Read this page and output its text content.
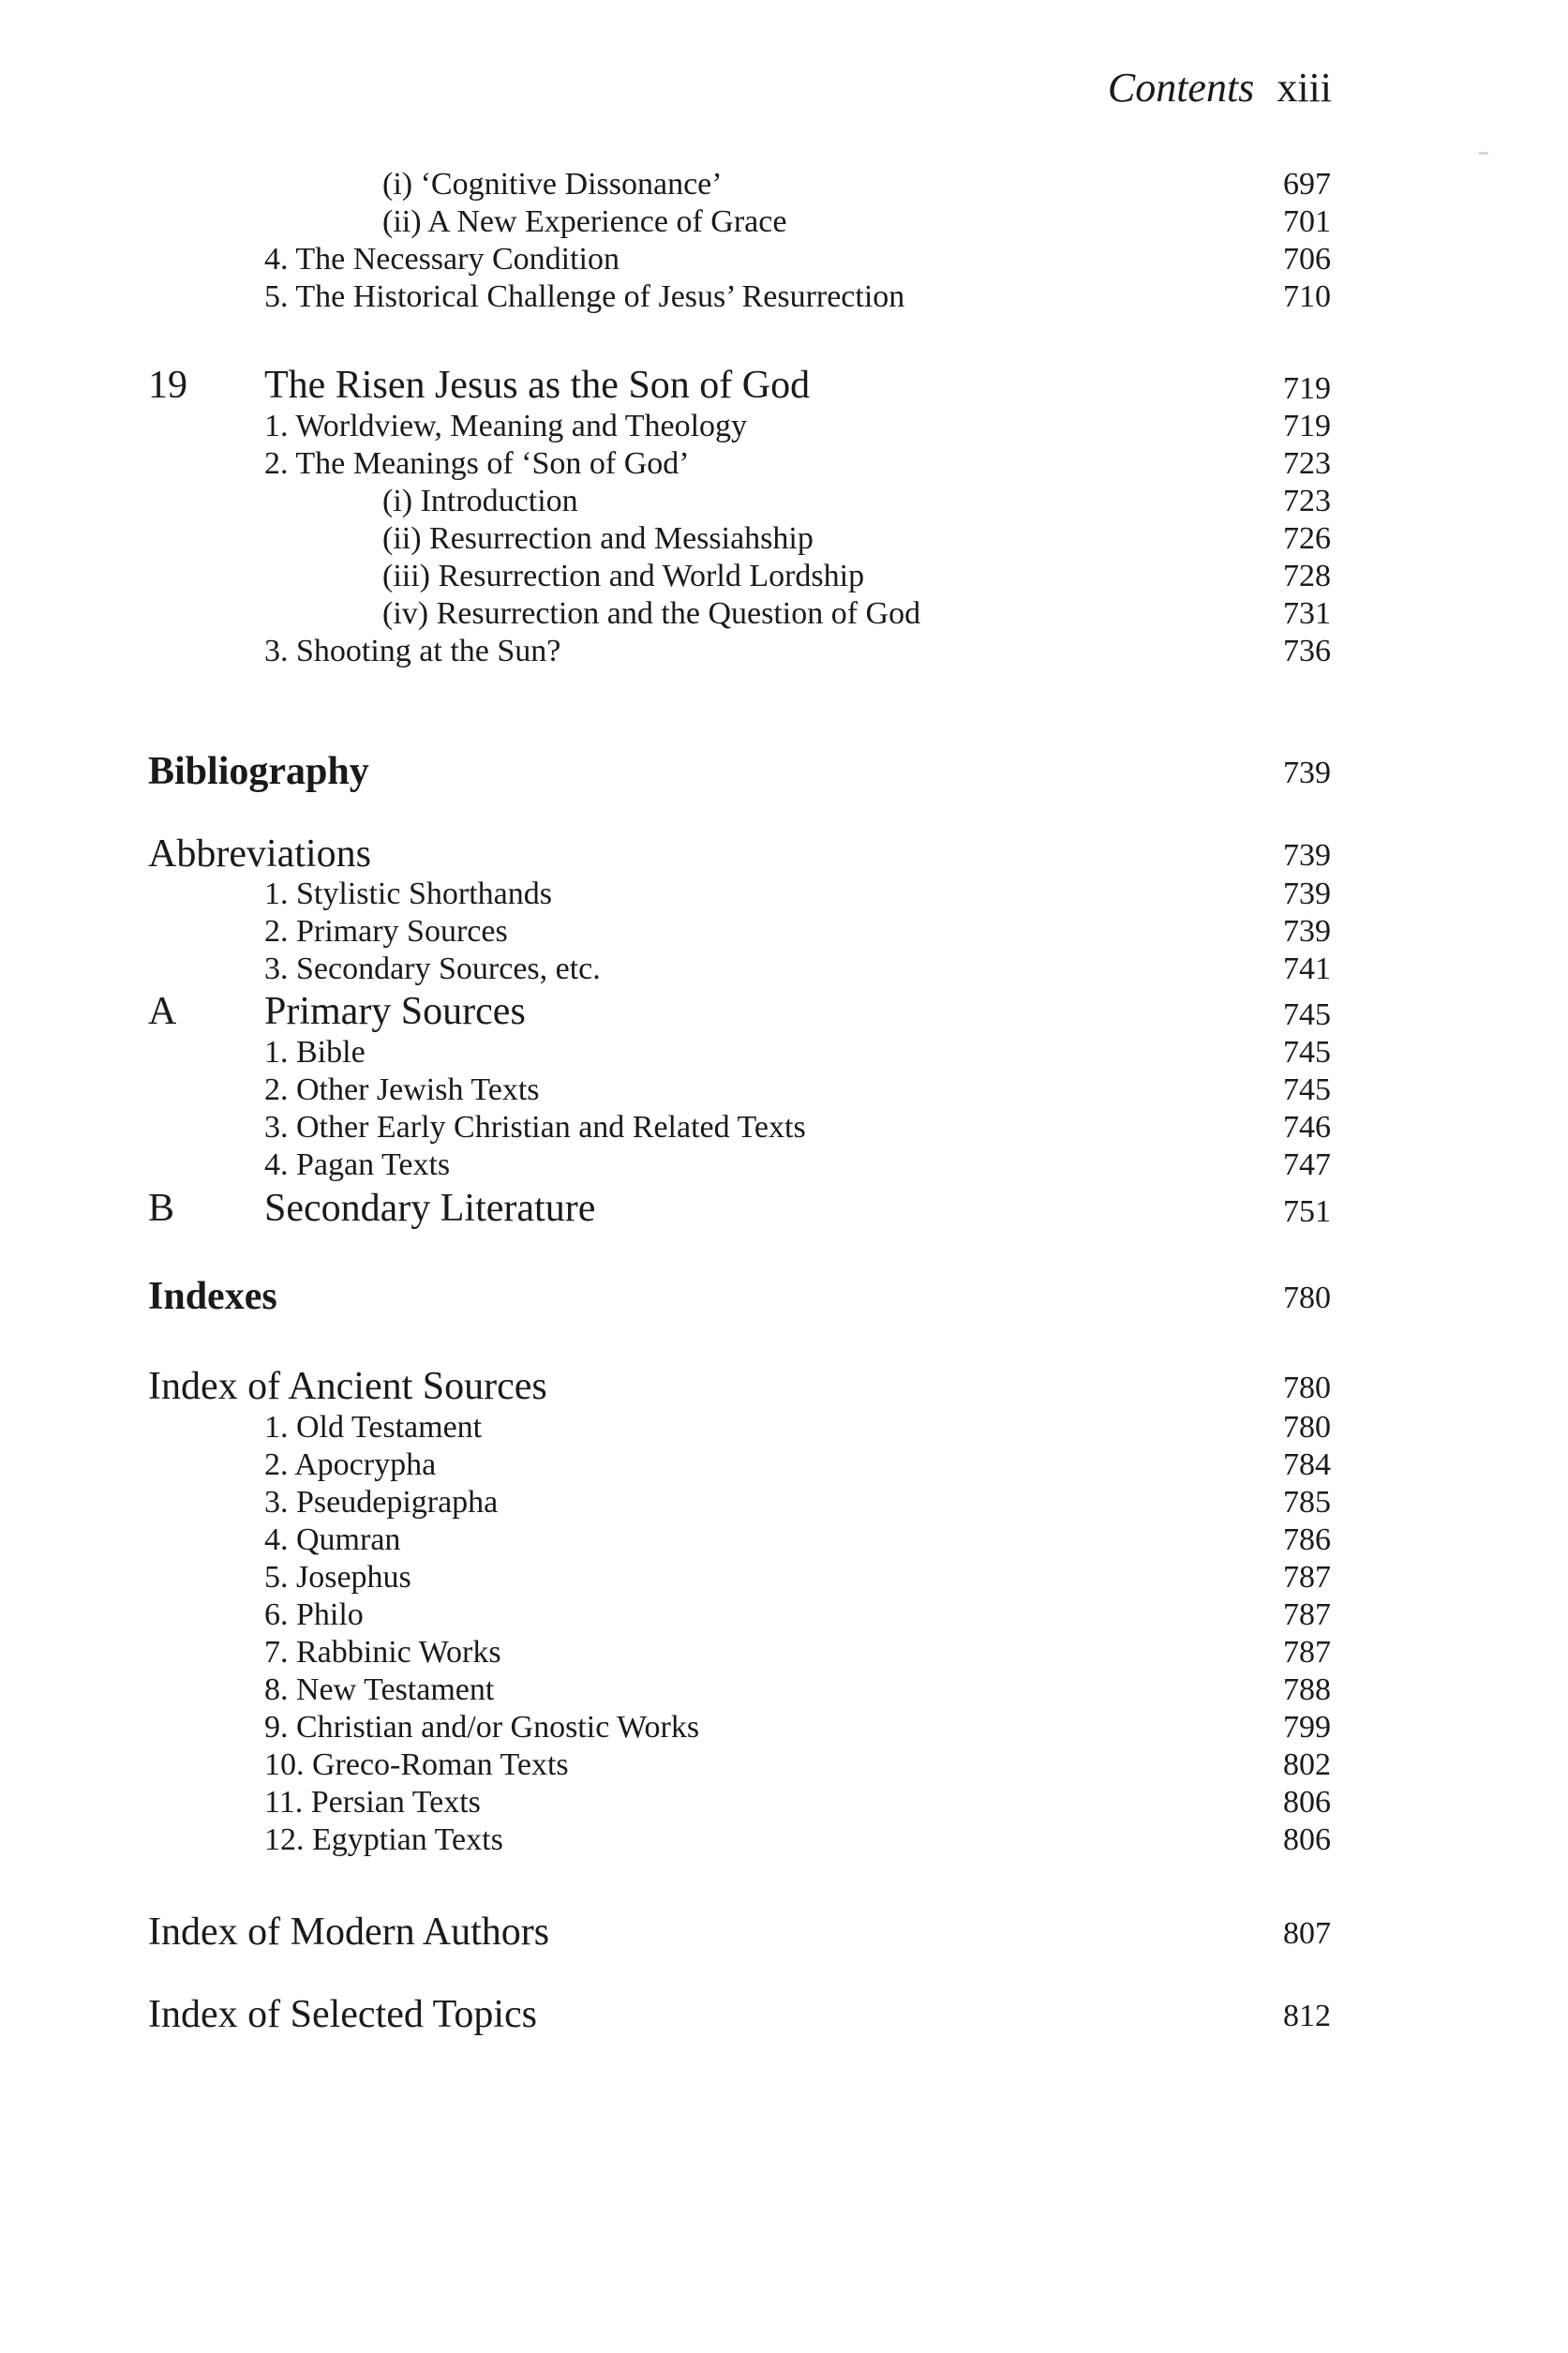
Contents xiii
(i) ‘Cognitive Dissonance’	697
(ii) A New Experience of Grace	701
4. The Necessary Condition	706
5. The Historical Challenge of Jesus’ Resurrection	710
19 The Risen Jesus as the Son of God	719
1. Worldview, Meaning and Theology	719
2. The Meanings of ‘Son of God’	723
(i) Introduction	723
(ii) Resurrection and Messiahship	726
(iii) Resurrection and World Lordship	728
(iv) Resurrection and the Question of God	731
3. Shooting at the Sun?	736
Bibliography	739
Abbreviations	739
1. Stylistic Shorthands	739
2. Primary Sources	739
3. Secondary Sources, etc.	741
A Primary Sources	745
1. Bible	745
2. Other Jewish Texts	745
3. Other Early Christian and Related Texts	746
4. Pagan Texts	747
B Secondary Literature	751
Indexes	780
Index of Ancient Sources	780
1. Old Testament	780
2. Apocrypha	784
3. Pseudepigrapha	785
4. Qumran	786
5. Josephus	787
6. Philo	787
7. Rabbinic Works	787
8. New Testament	788
9. Christian and/or Gnostic Works	799
10. Greco-Roman Texts	802
11. Persian Texts	806
12. Egyptian Texts	806
Index of Modern Authors	807
Index of Selected Topics	812
